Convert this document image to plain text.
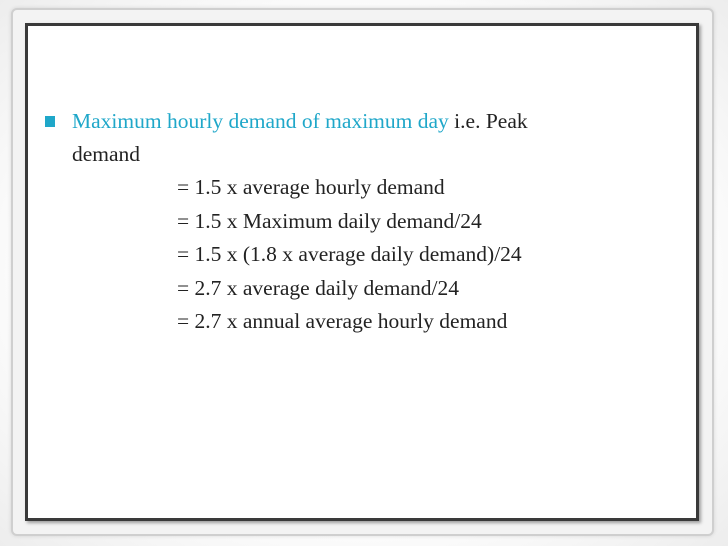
Maximum hourly demand of maximum day i.e. Peak
demand
= 1.5 x average hourly demand
= 1.5 x Maximum daily demand/24
= 1.5 x (1.8 x average daily demand)/24
= 2.7 x average daily demand/24
= 2.7 x annual average hourly demand
